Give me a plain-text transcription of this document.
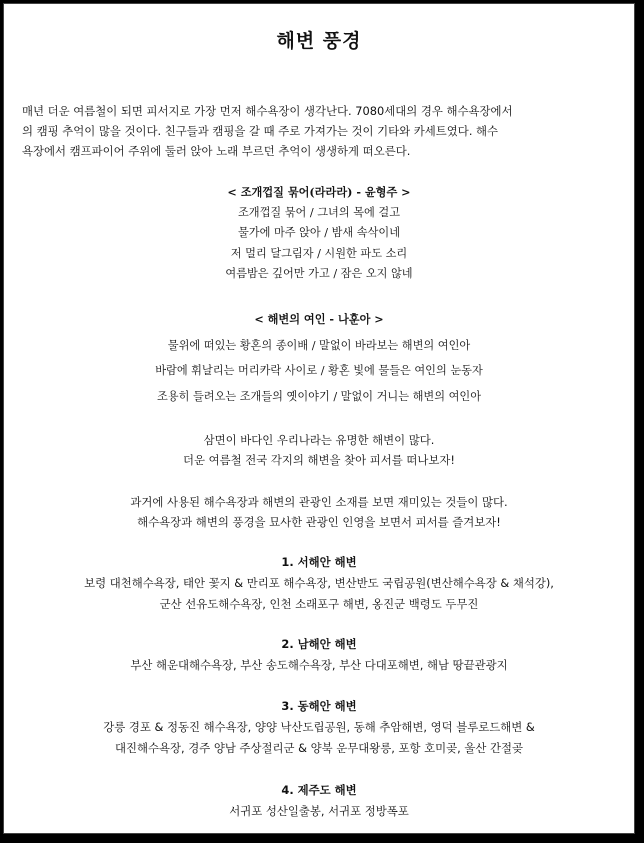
해변 풍경
매년 더운 여름철이 되면 피서지로 가장 먼저 해수욕장이 생각난다. 7080세대의 경우 해수욕장에서
의 캠핑 추억이 많을 것이다. 친구들과 캠핑을 갈 때 주로 가져가는 것이 기타와 카세트였다. 해수
욕장에서 캠프파이어 주위에 둘러 앉아 노래 부르던 추억이 생생하게 떠오른다.
< 조개껍질 묶어(라라라) - 윤형주 >
조개껍질 묶어 / 그녀의 목에 걸고
물가에 마주 앉아 / 밤새 속삭이네
저 멀리 달그림자 / 시원한 파도 소리
여름밤은 깊어만 가고 / 잠은 오지 않네
< 해변의 여인 - 나훈아 >
물위에 떠있는 황혼의 종이배 / 말없이 바라보는 해변의 여인아
바람에 휘날리는 머리카락 사이로 / 황혼 빛에 물들은 여인의 눈동자
조용히 들려오는 조개들의 옛이야기 / 말없이 거니는 해변의 여인아
삼면이 바다인 우리나라는 유명한 해변이 많다.
더운 여름철 전국 각지의 해변을 찾아 피서를 떠나보자!
과거에 사용된 해수욕장과 해변의 관광인 소재를 보면 재미있는 것들이 많다.
해수욕장과 해변의 풍경을 묘사한 관광인 인영을 보면서 피서를 즐겨보자!
1. 서해안 해변
보령 대천해수욕장, 태안 꽃지 & 만리포 해수욕장, 변산반도 국립공원(변산해수욕장 & 채석강),
군산 선유도해수욕장, 인천 소래포구 해변, 옹진군 백령도 두무진
2. 남해안 해변
부산 해운대해수욕장, 부산 송도해수욕장, 부산 다대포해변, 해남 땅끝관광지
3. 동해안 해변
강릉 경포 & 정동진 해수욕장, 양양 낙산도립공원, 동해 추암해변, 영덕 블루로드해변 &
대진해수욕장, 경주 양남 주상절리군 & 양북 운무대왕릉, 포항 호미곶, 울산 간절곶
4. 제주도 해변
서귀포 성산일출봉, 서귀포 정방폭포
